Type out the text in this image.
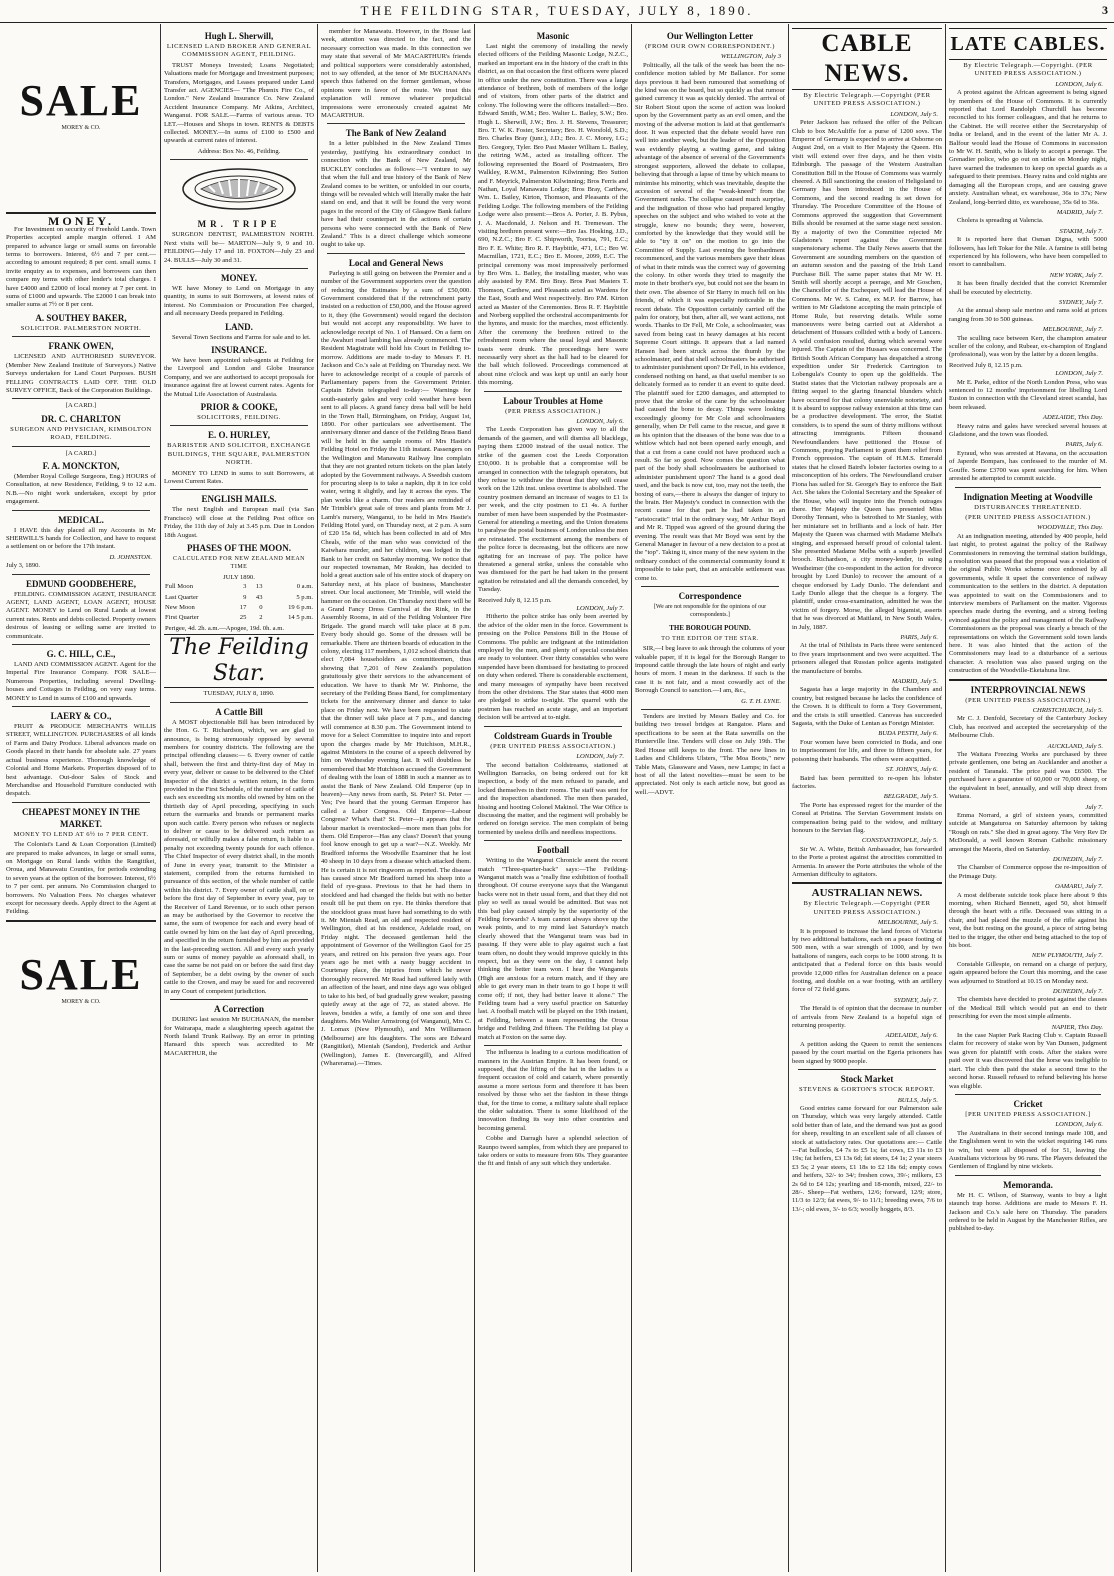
THE FEILDING STAR, TUESDAY, JULY 8, 1890.	3
SALE
MOREY & CO.
MONEY.

For Investment on security of Freehold Lands. Town Properties accepted ample margin offered. I AM prepared to advance large or small sums on favorable terms to borrowers. Interest, 6½ and 7 per cent.—according to amount required; 8 per cent. small sums. I invite enquiry as to expenses, and borrowers can then compare my terms with other lender's total charges. I have £4000 and £2000 of local money at 7 per cent. in sums of £1000 and upwards. The £2000 I can break into smaller sums at 7½ or 8 per cent.

A. SOUTHEY BAKER,
SOLICITOR. PALMERSTON NORTH.
FRANK OWEN,

LICENSED AND AUTHORISED SURVEYOR. (Member New Zealand Institute of Surveyors.) Native Surveys undertaken for Land Court Purposes. BUSH FELLING CONTRACTS LAID OFF. THE OLD SURVEY OFFICE, Back of the Corporation Buildings.

[A CARD.]
DR. C. CHARLTON
SURGEON AND PHYSICIAN, KIMBOLTON ROAD, FEILDING.
[A CARD.]
F. A. MONCKTON,

(Member Royal College Surgeons, Eng.) HOURS of Consultation, at new Residence, Feilding, 9 to 12 a.m. N.B.—No night work undertaken, except by prior engagement.

MEDICAL.

I HAVE this day placed all my Accounts in Mr SHERWILL'S hands for Collection, and have to request a settlement on or before the 17th instant.

D. JOHNSTON.
July 3, 1890.
EDMUND GOODBEHERE,

FEILDING. COMMISSION AGENT, INSURANCE AGENT, LAND AGENT, LOAN AGENT, HOUSE AGENT. MONEY to Lend on Rural Lands at lowest current rates. Rents and debts collected. Property owners desirous of leasing or selling same are invited to communicate.

G. C. HILL, C.E.,

LAND AND COMMISSION AGENT. Agent for the Imperial Fire Insurance Company. FOR SALE—Numerous Properties, including several Dwelling-houses and Cottages in Feilding, on very easy terms. MONEY to Lend in sums of £100 and upwards.

LAERY & CO.,

FRUIT & PRODUCE MERCHANTS WILLIS STREET, WELLINGTON. PURCHASERS of all kinds of Farm and Dairy Produce. Liberal advances made on Goods placed in their hands for absolute sale. 27 years actual business experience. Thorough knowledge of Colonial and Home Markets. Properties disposed of to best advantage. Out-door Sales of Stock and Merchandise and Household Furniture conducted with despatch.

CHEAPEST MONEY IN THE MARKET.
MONEY TO LEND AT 6½ to 7 PER CENT.

The Colonist's Land & Loan Corporation (Limited) are prepared to make advances, in large or small sums, on Mortgage on Rural lands within the Rangitikei, Oroua, and Manawatu Counties, for periods extending to seven years at the option of the borrower. Interest, 6½ to 7 per cent. per annum. No Commission charged to borrowers. No Valuation Fees. No charges whatever except for necessary deeds. Apply direct to the Agent at Feilding.

SALE
MOREY & CO.
Hugh L. Sherwill,
LICENSED LAND BROKER AND GENERAL COMMISSION AGENT, FEILDING.

TRUST Moneys Invested; Loans Negotiated; Valuations made for Mortgage and Investment purposes; Transfers, Mortgages, and Leases prepared under Land Transfer act. AGENCIES— "The Phœnix Fire Co., of London." New Zealand Insurance Co. New Zealand Accident Insurance Company. Mr Atkins, Architect, Wanganui. FOR SALE.—Farms of various areas. TO LET.—Houses and Shops in town. RENTS & DEBTS collected. MONEY.—In sums of £100 to £500 and upwards at current rates of interest.

Address: Box No. 46, Feilding.
MR. TRIPE

SURGEON DENTIST, PALMERSTON NORTH. Next visits will be— MARTON—July 9, 9 and 10. FEILDING—July 17 and 18. FOXTON—July 23 and 24. BULLS—July 30 and 31.

MONEY.

WE have Money to Lend on Mortgage in any quantity, in sums to suit Borrowers, at lowest rates of interest. No Commission or Procuration Fee charged, and all necessary Deeds prepared in Feilding.

LAND.

Several Town Sections and Farms for sale and to let.

INSURANCE.

We have been appointed sub-agents at Feilding for the Liverpool and London and Globe Insurance Company, and we are authorised to accept proposals for insurance against fire at lowest current rates. Agents for the Mutual Life Association of Australasia.

PRIOR & COOKE,
SOLICITORS, FEILDING.
E. O. HURLEY,
BARRISTER AND SOLICITOR, EXCHANGE BUILDINGS, THE SQUARE, PALMERSTON NORTH.

MONEY TO LEND in sums to suit Borrowers, at Lowest Current Rates.

ENGLISH MAILS.

The next English and European mail (via San Francisco) will close at the Feilding Post office on Friday, the 11th day of July at 3.45 p.m. Due in London 18th August.

PHASES OF THE MOON.
CALCULATED FOR NEW ZEALAND MEAN TIME
JULY 1890.
Full Moon	3	13	0 a.m.
Last Quarter	9	43	5 p.m.
New Moon	17	0	19 6 p.m.
First Quarter	25	2	14 5 p.m.
Perigee, 4d. 2h. a.m.—Apogee, 19d. 0h. a.m.			
The Feilding Star.
TUESDAY, JULY 8, 1890.
A Cattle Bill

A MOST objectionable Bill has been introduced by the Hon. G. T. Richardson, which, we are glad to announce, is being strenuously opposed by several members for country districts. The following are the principal offending clauses:— 6. Every owner of cattle shall, between the first and thirty-first day of May in every year, deliver or cause to be delivered to the Chief Inspector of the district a written return, in the form provided in the First Schedule, of the number of cattle of each sex exceeding six months old owned by him on the thirtieth day of April preceding, specifying in such return the earmarks and brands or permanent marks upon such cattle. Every person who refuses or neglects to deliver or cause to be delivered such return as aforesaid, or wilfully makes a false return, is liable to a penalty not exceeding twenty pounds for each offence. The Chief Inspector of every district shall, in the month of June in every year, transmit to the Minister a statement, compiled from the returns furnished in pursuance of this section, of the whole number of cattle within his district. 7. Every owner of cattle shall, on or before the first day of September in every year, pay to the Receiver of Land Revenue, or to such other person as may be authorised by the Governor to receive the same, the sum of twopence for each and every head of cattle owned by him on the last day of April preceding, and specified in the return furnished by him as provided in the last-preceding section. All and every such yearly sum or sums of money payable as aforesaid shall, in case the same be not paid on or before the said first day of September, be a debt owing by the owner of such cattle to the Crown, and may be sued for and recovered in any Court of competent jurisdiction.

A Correction

DURING last session Mr BUCHANAN, the member for Wairarapa, made a slaughtering speech against the North Island Trunk Railway. By an error in printing Hansard this speech was accredited to Mr MACARTHUR, the

member for Manawatu. However, in the House last week, attention was directed to the fact, and the necessary correction was made. In this connection we may state that several of Mr MACARTHUR's friends and political supporters were considerably astonished, not to say offended, at the tenor of Mr BUCHANAN's speech thus fathered on the former gentleman, whose opinions were in favor of the route. We trust this explanation will remove whatever prejudicial impressions were erroneously created against Mr MACARTHUR.

The Bank of New Zealand

In a letter published in the New Zealand Times yesterday, justifying his extraordinary conduct in connection with the Bank of New Zealand, Mr BUCKLEY concludes as follows:—"I venture to say that when the full and true history of the Bank of New Zealand comes to be written, or unfolded in our courts, things will be revealed which will literally make the hair stand on end, and that it will be found the very worst pages in the record of the City of Glasgow Bank failure have had their counterpart in the actions of certain persons who were connected with the Bank of New Zealand." This is a direct challenge which someone ought to take up.

Local and General News

Parleying is still going on between the Premier and a number of the Government supporters over the question of reducing the Estimates by a sum of £50,000. Government considered that if the retrenchment party insisted on a reduction of £50,000, and the House agreed to it, they (the Government) would regard the decision but would not accept any responsibility. We have to acknowledge receipt of No. 1 of Hansard. On a farm on the Awahuri road lambing has already commenced. The Resident Magistrate will hold his Court in Feilding to-morrow. Additions are made to-day to Messrs F. H. Jackson and Co.'s sale at Feilding on Thursday next. We have to acknowledge receipt of a couple of parcels of Parliamentary papers from the Government Printer. Captain Edwin telegraphed to-day:— Warnings for south-easterly gales and very cold weather have been sent to all places. A grand fancy dress ball will be held in the Town Hall, Birmingham, on Friday, August 1st, 1890. For other particulars see advertisement. The anniversary dinner and dance of the Feilding Brass Band will be held in the sample rooms of Mrs Hastie's Feilding Hotel on Friday the 11th instant. Passengers on the Wellington and Manawatu Railway line complain that they are not granted return tickets on the plan lately adopted by the Government railways. A Swedish custom for procuring sleep is to take a napkin, dip it in ice cold water, wring it slightly, and lay it across the eyes. The plan works like a charm. Our readers are reminded of Mr Trimble's great sale of trees and plants from Mr J. Lamb's nursery, Wanganui, to be held in Mrs Hastie's Feilding Hotel yard, on Thursday next, at 2 p.m. A sum of £20 15s 6d, which has been collected in aid of Mrs Cheals, wife of the man who was convicted of the Kaiwhara murder, and her children, was lodged in the Bank to her credit on Saturday morning. We notice that our respected townsman, Mr Reakin, has decided to hold a great auction sale of his entire stock of drapery on Saturday next, at his place of business, Manchester street. Our local auctioneer, Mr Trimble, will wield the hammer on the occasion. On Thursday next there will be a Grand Fancy Dress Carnival at the Rink, in the Assembly Rooms, in aid of the Feilding Volunteer Fire Brigade. The grand march will take place at 8 p.m. Every body should go. Some of the dresses will be remarkable. There are thirteen boards of education in the colony, electing 117 members, 1,012 school districts that elect 7,084 householders as committeemen, thus showing that 7,201 of New Zealand's population gratuitously give their services to the advancement of education. We have to thank Mr W. Pinhorne, the secretary of the Feilding Brass Band, for complimentary tickets for the anniversary dinner and dance to take place on Friday next. We have been requested to state that the dinner will take place at 7 p.m., and dancing will commence at 8.30 p.m. The Government intend to move for a Select Committee to inquire into and report upon the charges made by Mr Hutchison, M.H.R., against Ministers in the course of a speech delivered by him on Wednesday evening last. It will doubtless be remembered that Mr Hutchison accused the Government of dealing with the loan of 1888 in such a manner as to assist the Bank of New Zealand. Old Emperor (up in heaven)—Any news from earth, St. Peter? St. Peter —Yes; I've heard that the young German Emperor has called a Labor Congress. Old Emperor—Labour Congress? What's that? St. Peter—It appears that the labour market is overstocked—more men than jobs for them. Old Emperor—Has any class? Doesn't that young fool know enough to get up a war?—N.Z. Weekly. Mr Bradford informs the Woodville Examiner that he lost 40 sheep in 10 days from a disease which attacked them. He is certain it is not ringworm as reported. The disease has caused since Mr Bradford turned his sheep into a field of rye-grass. Previous to that he had them in stockfeed and had changed the fields but with no better result till he put them on rye. He thinks therefore that the stockfoot grass must have had something to do with it. Mr Mieniah Read, an old and respected resident of Wellington, died at his residence, Adelaide road, on Friday night. The deceased gentleman held the appointment of Governor of the Wellington Gaol for 25 years, and retired on his pension five years ago. Four years ago he met with a nasty buggy accident in Courtenay place, the injuries from which he never thoroughly recovered. Mr Read had suffered lately with an affection of the heart, and nine days ago was obliged to take to his bed, of bad gradually grew weaker, passing quietly away at the age of 72, as stated above. He leaves, besides a wife, a family of one son and three daughters. Mrs Walter Armstrong (of Wanganui), Mrs C. J. Lomax (New Plymouth), and Mrs Williamson (Melbourne) are his daughters. The sons are Edward (Rangitikei), Mieniah (Sandon), Frederick and Arthur (Wellington), James E. (Invercargill), and Alfred (Wharerama).—Times.

Masonic

Last night the ceremony of installing the newly elected officers of the Feilding Masonic Lodge, N.Z.C., marked an important era in the history of the craft in this district, as on that occasion the first officers were placed in office under the new constitution. There was a large attendance of brethren, both of members of the lodge and of visitors, from other parts of the district and colony. The following were the officers installed:—Bro. Edward Smith, W.M.; Bro. Walter L. Bailey, S.W.; Bro. Hugh L. Sherwill, J.W.; Bro. J. H. Stevens, Treasurer; Bro. T. W. K. Foster, Secretary; Bro. H. Worsfold, S.D.; Bro. Charles Bray (junr.), J.D.; Bro. J. C. Morey, I.G.; Bro. Gregory, Tyler. Bro Past Master William L. Bailey, the retiring W.M., acted as installing officer. The following represented the Board of Postmasters, Bro Walkley, R.W.M., Palmerston Kilwinning; Bro Sutton and F. Meyrick, Palmerston Kilwinning; Bros Ferris and Nathan, Loyal Manawatu Lodge; Bros Bray, Carthew, Wm. L. Bailey, Kirton, Thomson, and Pleasants of the Feilding Lodge. The following members of the Feilding Lodge were also present:—Bros A. Porter, J. B. Pybus, J. A. Macdonald, J. Nelson and H. Tremewan. The visiting brethren present were:—Bro Jas. Hosking, J.D., 690, N.Z.C.; Bro F. C. Shipworth, Toorisa, 791, E.C.; Bro F. E. White; Bro R. F. Haybittle, 471, I.C.; Bro W. Macmillan, 1721, E.C.; Bro E. Moore, 2099, E.C. The principal ceremony was most impressively performed by Bro Wm. L. Bailey, the installing master, who was ably assisted by P.M. Bro Bray. Bros Past Masters T. Thomson, Carthew, and Pleasants acted as Wardens for the East, South and West respectively. Bro P.M. Kirton acted as Master of the Ceremonies. Bros R. F. Haybittle and Norberg supplied the orchestral accompaniments for the hymns, and music for the marches, most efficiently. After the ceremony the brethren retired to the refreshment room where the usual loyal and Masonic toasts were drunk. The proceedings here were necessarily very short as the hall had to be cleared for the ball which followed. Proceedings commenced at about nine o'clock and was kept up until an early hour this morning.

Labour Troubles at Home
(PER PRESS ASSOCIATION.)
LONDON, July 6.

The Leeds Corporation has given way to all the demands of the gasmen, and will dismiss all blacklegs, paying them £2000 instead of the usual notice. The strike of the gasmen cost the Leeds Corporation £30,000. It is probable that a compromise will be arranged in connection with the telegraph operators, but they refuse to withdraw the threat that they will cease work on the 12th inst. unless overtime is abolished. The country postmen demand an increase of wages to £1 1s per week, and the city postmen to £1 4s. A further number of men have been suspended by the Postmaster-General for attending a meeting, and the Union threatens to paralyse the postal business of London unless the men are reinstated. The excitement among the members of the police force is decreasing, but the officers are now agitating for an increase of pay. The police have threatened a general strike, unless the constable who was dismissed for the part he had taken in the present agitation be reinstated and all the demands conceded, by Tuesday.

Received July 8, 12.15 p.m.
LONDON, July 7.

Hitherto the police strike has only been averted by the advice of the older men in the force. Government is pressing on the Police Pensions Bill in the House of Commons. The public are indignant at the intimidation employed by the men, and plenty of special constables are ready to volunteer. Over thirty constables who were suspended have been dismissed for hesitating to proceed on duty when ordered. There is considerable excitement, and many messages of sympathy have been received from the other divisions. The Star states that 4000 men are pledged to strike to-night. The quarrel with the postmen has reached an acute stage, and an important decision will be arrived at to-night.

Coldstream Guards in Trouble
(PER UNITED PRESS ASSOCIATION.)
LONDON, July 7.

The second battalion Coldstreams, stationed at Wellington Barracks, on being ordered out for kit inspection, a body of the men refused to parade, and locked themselves in their rooms. The staff was sent for and the inspection abandoned. The men then paraded, hissing and hooting Colonel Makinol. The War Office is discussing the matter, and the regiment will probably be ordered on foreign service. The men complain of being tormented by useless drills and needless inspections.

Football

Writing to the Wanganui Chronicle anent the recent match "Three-quarter-back" says:—The Feilding-Wanganui match was a "really fine exhibition of football throughout. Of course everyone says that the Wanganui backs were not in their usual form, and that they did not play so well as usual would be admitted. But was not this bad play caused simply by the superiority of the Feilding forwards? A team cannot always shove up the weak points, and to my mind last Saturday's match clearly showed that the Wanganui team was bad in passing. If they were able to play against such a fast team often, no doubt they would improve quickly in this respect, but as they were on the day, I cannot help thinking the better team won. I hear the Wanganuis (High are anxious for a return match, and if they are able to get every man in their team to go I hope it will come off; if not, they had better leave it alone." The Feilding team had a very useful practice on Saturday last. A football match will be played on the 19th instant, at Feilding, between a team representing the Oroua bridge and Feilding 2nd fifteen. The Feilding 1st play a match at Foxton on the same day.

The influenza is leading to a curious modification of manners in the Austrian Empire. It has been found, or supposed, that the lifting of the hat in the ladies is a frequent occasion of cold and catarrh, where presently assume a more serious form and therefore it has been resolved by those who set the fashion in these things that, for the time to come, a military salute shall replace the older salutation. There is some likelihood of the innovation finding its way into other countries and becoming general.

Cobbe and Darragh have a splendid selection of Raunpo tweed samples, from which they are prepared to take orders or suits to measure from 60s. They guarantee the fit and finish of any suit which they undertake.

Our Wellington Letter
(FROM OUR OWN CORRESPONDENT.)
WELLINGTON, July 3

Politically, all the talk of the week has been the no-confidence motion tabled by Mr Ballance. For some days previous it had been rumoured that something of the kind was on the board, but so quickly as that rumour gained currency it was as quickly denied. The arrival of Sir Robert Stout upon the scene of action was looked upon by the Government party as an evil omen, and the moving of the adverse motion is laid at that gentleman's door. It was expected that the debate would have run well into another week, but the leader of the Opposition was evidently playing a waiting game, and taking advantage of the absence of several of the Government's strongest supporters, allowed the debate to collapse, believing that through a lapse of time by which means to minimise his minority, which was inevitable, despite the accession of several of the "weak-kneed" from the Government ranks. The collapse caused much surprise, and the indignation of those who had prepared lengthy speeches on the subject and who wished to vote at the struggle, knew no bounds; they were, however, comforted by the knowledge that they would still be able to "try it on" on the motion to go into the Committee of Supply. Last evening the bombardment recommenced, and the various members gave their ideas of what in their minds was the correct way of governing the colony. In other words they tried to magnify the mote in their brother's eye, but could not see the beam in their own. The absence of Sir Harry in much fell on his friends, of which it was especially noticeable in the recent debate. The Opposition certainly carried off the palm for oratory, but then, after all, we want actions, not words. Thanks to Dr Fell, Mr Cole, a schoolmaster, was saved from being cast in heavy damages at his recent Supreme Court sittings. It appears that a lad named Hansen had been struck across the thumb by the schoolmaster, and that shell schoolmasters be authorised to administer punishment upon? Dr Fell, in his evidence, condensed nothing on hand, as that useful member is so delicately formed as to render it an event to quite deed. The plaintiff sued for £200 damages, and attempted to prove that the stroke of the cane by the schoolmaster had caused the bone to decay. Things were looking exceedingly gloomy for Mr Cole and schoolmasters generally, when Dr Fell came to the rescue, and gave it as his opinion that the diseases of the bone was due to a whitlow which had not been opened early enough, and that a cut from a cane could not have produced such a result. So far so good. Now comes the question what part of the body shall schoolmasters be authorised to administer punishment upon? The hand is a good deal used, and the back is now cut, too, may not the teeth, the boxing of ears,—there is always the danger of injury to the brain. Her Majesty's conduct in connection with the recent cause for that part he had taken in an "aristocratic" trial in the ordinary way, Mr Arthur Boyd and Mr R. Tipped was agreed of the ground during the evening. The result was that Mr Boyd was sent by the General Manager in favour of a new decision to a post at the "top". Taking it, since many of the new system in the ordinary conduct of the commercial community found it impossible to take part, that an amicable settlement was come to.

Correspondence
[We are not responsible for the opinions of our correspondents.]
THE BOROUGH POUND.
TO THE EDITOR OF THE STAR.

SIR,—I beg leave to ask through the columns of your valuable paper, if it is legal for the Borough Ranger to impound cattle through the late hours of night and early hours of morn. I mean in the darkness. If such is the case it is not fair, and a most cowardly act of the Borough Council to sanction.—I am, &c.,

G. T. H. LYNE.

Tenders are invited by Messrs Bailey and Co. for building two tressel bridges at Rangatoe. Plans and specifications to be seen at the Rata sawmills on the Hunterville line. Tenders will close on July 19th. The Red House still keeps to the front. The new lines in Ladies and Childrens Ulsters, "The Moa Boots," new Table Mats, Glassware and Vases, new Lamps; in fact a host of all the latest novelties—must be seen to be appreciated. Not only is each article now, but good as well.—ADVT.

CABLE NEWS.
By Electric Telegraph.—Copyright (PER UNITED PRESS ASSOCIATION.)
LONDON, July 5.

Peter Jackson has refused the offer of the Pelican Club to box McAuliffe for a purse of 1200 sovs. The Emperor of Germany is expected to arrive at Osborne on August 2nd, on a visit to Her Majesty the Queen. His visit will extend over five days, and he then visits Edinburgh. The passage of the Western Australian Constitution Bill in the House of Commons was warmly cheered. A Bill sanctioning the cession of Heligoland to Germany has been introduced in the House of Commons, and the second reading is set down for Thursday. The Procedure Committee of the House of Commons approved the suggestion that Government Bills should be resumed at the same stage next session. By a majority of two the Committee rejected Mr Gladstone's report against the Government suspensionary scheme. The Daily News asserts that the Government are sounding members on the question of an autumn session and the passing of the Irish Land Purchase Bill. The same paper states that Mr W. H. Smith will shortly accept a peerage, and Mr Goschen, the Chancellor of the Exchequer, will lead the House of Commons. Mr W. S. Caine, ex M.P. for Barrow, has written to Mr Gladstone accepting the main principle of Home Rule, but reserving details. While some manoeuvres were being carried out at Aldershot a detachment of Hussars collided with a body of Lancers. A wild confusion resulted, during which several were injured. The Captain of the Hussars was concerned. The British South African Company has despatched a strong expedition under Sir Frederick Carrington to Lobengula's County to open up the goldfields. The Statist states that the Victorian railway proposals are a fitting sequel to the glaring financial blunders which have occurred for that colony unenviable notoriety, and it is absurd to suppose railway extension at this time can be a productive development. The error, the Statist considers, is to spend the sum of thirty millions without attracting immigrants. Fifteen thousand Newfoundlanders have petitioned the House of Commons, praying Parliament to grant them relief from French oppression. The captain of H.M.S. Emerald states that he closed Baird's lobster factories owing to a misconception of his orders. The Newfoundland cruiser Fiona has sailed for St. George's Bay to enforce the Bait Act. She takes the Colonial Secretary and the Speaker of the House, who will inquire into the French outrages there. Her Majesty the Queen has presented Miss Dorothy Tennant, who is betrothed to Mr Stanley, with her miniature set in brilliants and a lock of hair. Her Majesty the Queen was charmed with Madame Melba's singing, and expressed herself proud of colonial talent. She presented Madame Melba with a superb jewelled brooch. Richardson, a city money-lender, in suing Westheimer (the co-respondent in the action for divorce brought by Lord Dunlo) to recover the amount of a cheque endorsed by Lady Dunlo. The defendant and Lady Dunlo allege that the cheque is a forgery. The plaintiff, under cross-examination, admitted he was the victim of forgery. Morse, the alleged bigamist, asserts that he was divorced at Maitland, in New South Wales, in July, 1887.

PARIS, July 6.

At the trial of Nihilists in Paris three were sentenced to five years imprisonment and two were acquitted. The prisoners alleged that Russian police agents instigated the manufacture of bombs.

MADRID, July 5.

Sagasta has a large majority in the Chambers and country, but resigned because he lacks the confidence of the Crown. It is difficult to form a Tory Government, and the crisis is still unsettled. Canovas has succeeded Sagasta, with the Duke of Lentan as Foreign Minister.

BUDA PESTH, July 6.

Four women have been convicted in Buda, and one to imprisonment for life, and three to fifteen years, for poisoning their husbands. The others were acquitted.

ST. JOHN'S, July 6.

Baird has been permitted to re-open his lobster factories.

BELGRADE, July 5.

The Porte has expressed regret for the murder of the Consul at Pristina. The Servian Government insists on compensation being paid to the widow, and military honours to the Servian flag.

CONSTANTINOPLE, July 5.

Sir W. A. White, British Ambassador, has forwarded to the Porte a protest against the atrocities committed in Armenia. In answer the Porte attributes the whole of the Armenian difficulty to agitators.

AUSTRALIAN NEWS.
By Electric Telegraph.—Copyright (PER UNITED PRESS ASSOCIATION.)
MELBOURNE, July 5.

It is proposed to increase the land forces of Victoria by two additional battalions, each on a peace footing of 500 men, with a war strength of 1000, and by two battalions of rangers, each corps to be 1000 strong. It is anticipated that a Federal force on this basis would provide 12,000 rifles for Australian defence on a peace footing, and double on a war footing, with an artillery force of 72 field guns.

SYDNEY, July 7.

The Herald is of opinion that the decrease in number of arrivals from New Zealand is a hopeful sign of returning prosperity.

ADELAIDE, July 6.

A petition asking the Queen to remit the sentences passed by the court martial on the Egeria prisoners has been signed by 9000 people.

Stock Market
STEVENS & GORTON'S STOCK REPORT.
BULLS, July 5.

Good entries came forward for our Palmerston sale on Thursday, which was very largely attended. Cattle sold better than of late, and the demand was just as good for sheep, resulting in an excellent sale of all classes of stock at satisfactory rates. Our quotations are:— Cattle—Fat bullocks, £4 7s to £5 1s; fat cows, £3 11s to £3 19s; fat heifers, £3 13s 6d; fat steers, £4 1s; 2 year steers £3 5s; 2 year steers, £1 18s to £2 18s 6d; empty cows and heifers, 32/- to 34/; freshen cows, 39/-; milkers, £3 2s 6d to £4 12s; yearling and 18-month, mixed, 22/- to 28/-. Sheep—Fat wethers, 12/6; forward, 12/9; store, 11/3 to 12/3; fat ewes, 9/- to 11/1; breeding ewes, 7/6 to 13/-; old ewes, 3/- to 6/3; woolly hoggets, 8/3.

LATE CABLES.
By Electric Telegraph.—Copyright. (PER UNITED PRESS ASSOCIATION.)
LONDON, July 6.

A protest against the African agreement is being signed by members of the House of Commons. It is currently reported that Lord Randolph Churchill has become reconciled to his former colleagues, and that he returns to the Cabinet. He will receive either the Secretaryship of India or Ireland, and in the event of the latter Mr A. J. Balfour would lead the House of Commons in succession to Mr W. H. Smith, who is likely to accept a peerage. The Grenadier police, who go out on strike on Monday night, have warned the tradesmen to keep on special guards as a safeguard to their premises. Heavy rains and cold nights are damaging all the European crops, and are causing grave anxiety. Australian wheat, ex warehouse, 36s to 37s; New Zealand, long-berried ditto, ex warehouse, 35s 6d to 36s.

MADRID, July 7.

Cholera is spreading at Valencia.

STAKIM, July 7.

It is reported here that Osman Digna, with 5000 followers, has left Tokar for the Nile. A famine is still being experienced by his followers, who have been compelled to resort to cannibalism.

NEW YORK, July 7.

It has been finally decided that the convict Kremmler shall be executed by electricity.

SYDNEY, July 7.

At the annual sheep sale merino and rams sold at prices ranging from 30 to 500 guineas.

MELBOURNE, July 7.

The sculling race between Kerr, the champion amateur sculler of the colony, and Rubear, ex-champion of England (professional), was won by the latter by a dozen lengths.

Received July 8, 12.15 p.m.
LONDON, July 7.

Mr E. Parke, editor of the North London Press, who was sentenced to 12 months' imprisonment for libelling Lord Euston in connection with the Cleveland street scandal, has been released.

ADELAIDE, This Day.

Heavy rains and gales have wrecked several houses at Gladstone, and the town was flooded.

PARIS, July 6.

Eyraud, who was arrested at Havana, on the accusation of Japerde Bompars, has confessed to the murder of M. Gouffe. Some £3700 was spent searching for him. When arrested he attempted to commit suicide.

Indignation Meeting at Woodville
DISTURBANCES THREATENED.
(PER UNITED PRESS ASSOCIATION.)
WOODVILLE, This Day.

At an indignation meeting, attended by 400 people, held last night, to protest against the policy of the Railway Commissioners in removing the terminal station buildings, a resolution was passed that the proposal was a violation of the original Public Works scheme once endorsed by all governments, while it upset the convenience of railway communication to the settlers in the district. A deputation was appointed to wait on the Commissioners and to interview members of Parliament on the matter. Vigorous speeches made during the evening, and a strong feeling evinced against the policy and management of the Railway Commissioners as the proposal was clearly a breach of the representations on which the Government sold town lands here. It was also hinted that the action of the Commissioners may lead to a disturbance of a serious character. A resolution was also passed urging on the construction of the Woodville-Eketahuna line.

INTERPROVINCIAL NEWS
(PER UNITED PRESS ASSOCIATION.)
CHRISTCHURCH, July 5.

Mr C. J. Denfold, Secretary of the Canterbury Jockey Club, has received and accepted the secretaryship of the Melbourne Club.

AUCKLAND, July 5.

The Waitara Freezing Works are purchased by three private gentlemen, one being an Aucklander and another a resident of Taranaki. The price paid was £6500. The purchased have a guarantee of 60,000 or 70,000 sheep, or the equivalent in beef, annually, and will ship direct from Waitara.

July 7.

Emma Norrard, a girl of sixteen years, committed suicide at Mangaturoa on Saturday afternoon by taking "Rough on rats." She died in great agony. The Very Rev Dr McDonald, a well known Roman Catholic missionary amongst the Maoris, died on Saturday.

DUNEDIN, July 7.

The Chamber of Commerce oppose the re-imposition of the Primage Duty.

OAMARU, July 7.

A most deliberate suicide took place here about 9 this morning, when Richard Bennett, aged 50, shot himself through the heart with a rifle. Deceased was sitting in a chair, and had placed the muzzle of the rifle against his vest, the butt resting on the ground, a piece of string being tied to the trigger, the other end being attached to the top of his boot.

NEW PLYMOUTH, July 7.

Constable Gillespie, on remand on a charge of perjury, again appeared before the Court this morning, and the case was adjourned to Stratford at 10.15 on Monday next.

DUNEDIN, July 7.

The chemists have decided to protest against the clauses of the Medical Bill which would put an end to their prescribing for even the most simple ailments.

NAPIER, This Day.

In the case Napier Park Racing Club v. Captain Russell claim for recovery of stake won by Van Dunsen, judgment was given for plaintiff with costs. After the stakes were paid over it was discovered that the horse was ineligible to start. The club then paid the stake a second time to the second horse. Russell refused to refund believing his horse was eligible.

Cricket
[PER UNITED PRESS ASSOCIATION.]
LONDON, July 6.

The Australians in their second innings made 108, and the Englishmen went to win the wicket requiring 146 runs to win, but were all disposed of for 51, leaving the Australians victorious by 96 runs. The Players defeated the Gentlemen of England by nine wickets.

Memoranda.

Mr H. C. Wilson, of Stanway, wants to buy a light staunch trap horse. Additions are made to Messrs F. H. Jackson and Co.'s sale here on Thursday. The paraders ordered to be held in August by the Manchester Rifles, are published to-day.
